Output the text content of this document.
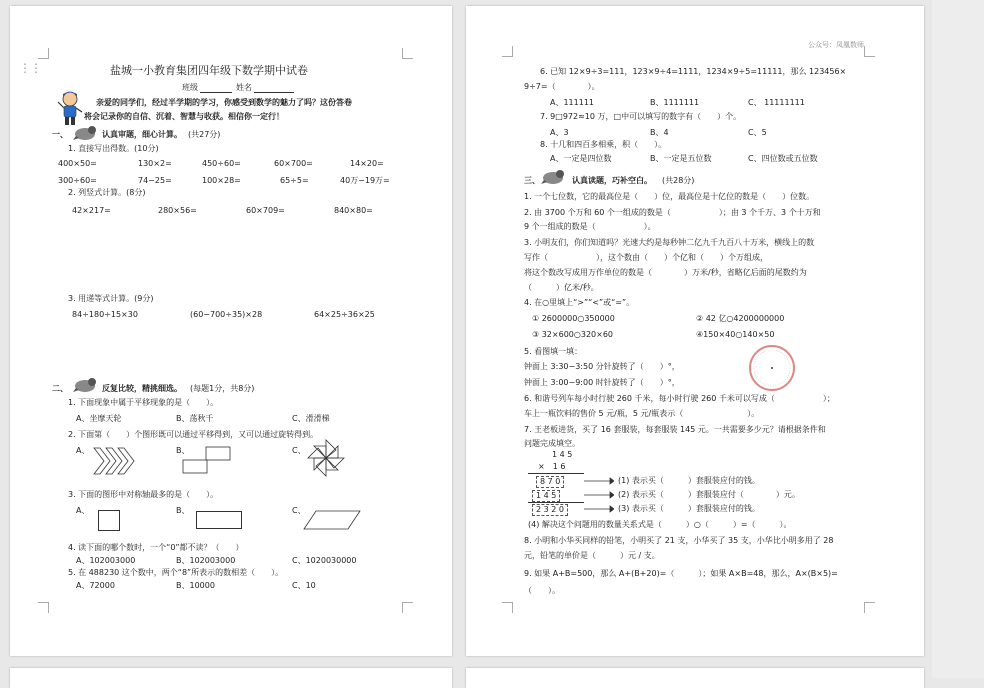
盐城一小教育集团四年级下数学期中试卷
班级	姓名
亲爱的同学们，经过半学期的学习，你感受到数学的魅力了吗？这份答卷
将会记录你的自信、沉着、智慧与收获。相信你一定行！
一、	认真审题，细心计算。 (共27分)
1. 直接写出得数。(10分)
400×50=	130×2=	450÷60=	60×700=	14×20=
300÷60=	74−25=	100×28=	65÷5=	40万−19万=
2. 列竖式计算。(8分)
42×217=	280×56=	60×709=	840×80=
3. 用递等式计算。(9分)
84÷180÷15×30	(60−700÷35)×28	64×25÷36×25
二、	反复比较，精挑细选。 (每题1分，共8分)
1. 下面现象中属于平移现象的是（　　）。
A、坐摩天轮	B、荡秋千	C、滑滑梯
2. 下面第（　　）个图形既可以通过平移得到，又可以通过旋转得到。
A、	B、	C、
3. 下面的图形中对称轴最多的是（　　）。
A、	B、	C、
4. 读下面的哪个数时，一个“0”都不读？（　　）
A、102003000	B、102003000	C、1020030000
5. 在 488230 这个数中，两个“8”所表示的数相差（　　）。
A、72000	B、10000	C、10
⋮⋮
公众号：凤凰数师
6. 已知 12×9÷3=111，123×9÷4=1111，1234×9÷5=11111，那么 123456×
9÷7=（　　　　）。
A、111111	B、1111111	C、 11111111
7. 9□972≈10 万，□中可以填写的数字有（　　）个。
A、3	B、4	C、5
8. 十几和四百多相乘，积（　　）。
A、一定是四位数	B、一定是五位数	C、四位数或五位数
三、	认真读题，巧补空白。 (共28分)
1. 一个七位数，它的最高位是（　　）位，最高位是十亿位的数是（　　）位数。
2. 由 3700 个万和 60 个一组成的数是（　　　　　　）；由 3 个千万、3 个十万和
9 个一组成的数是（　　　　　　）。
3. 小明友们，你们知道吗？光速大约是每秒钟二亿九千九百八十万米，横线上的数
写作（　　　　　　），这个数由（　　）个亿和（　　）个万组成，
将这个数改写成用万作单位的数是（　　　　）万米/秒，省略亿后面的尾数约为
（　　　）亿米/秒。
4. 在○里填上“>”“<”或“=”。
① 2600000○350000	② 42 亿○4200000000
③ 32×600○320×60	④150×40○140×50
5. 看图填一填：
钟面上 3:30−3:50 分针旋转了（　　）°，
钟面上 3:00−9:00 时针旋转了（　　）°，
6. 和谐号列车每小时行驶 260 千米，每小时行驶 260 千米可以写成（　　　　　　）；
车上一瓶饮料的售价 5 元/瓶，5 元/瓶表示（　　　　　　　　）。
7. 王老板进货，买了 16 套服装，每套服装 145 元。一共需要多少元？请根据条件和
问题完成填空。
1 4 5
×　1 6
8 7 0
1 4 5
2 3 2 0
(1) 表示买（　　　）套服装应付的钱。
(2) 表示买（　　　）套服装应付（　　　　）元。
(3) 表示买（　　　）套服装应付的钱。
(4) 解决这个问题用的数量关系式是（　　　）○（　　　）=（　　　）。
8. 小明和小华买同样的铅笔，小明买了 21 支，小华买了 35 支，小华比小明多用了 28
元，铅笔的单价是（　　　）元 / 支。
9. 如果 A+B=500，那么 A+(B+20)=（　　　）；如果 A×B=48，那么，A×(B×5)=
（　　）。
